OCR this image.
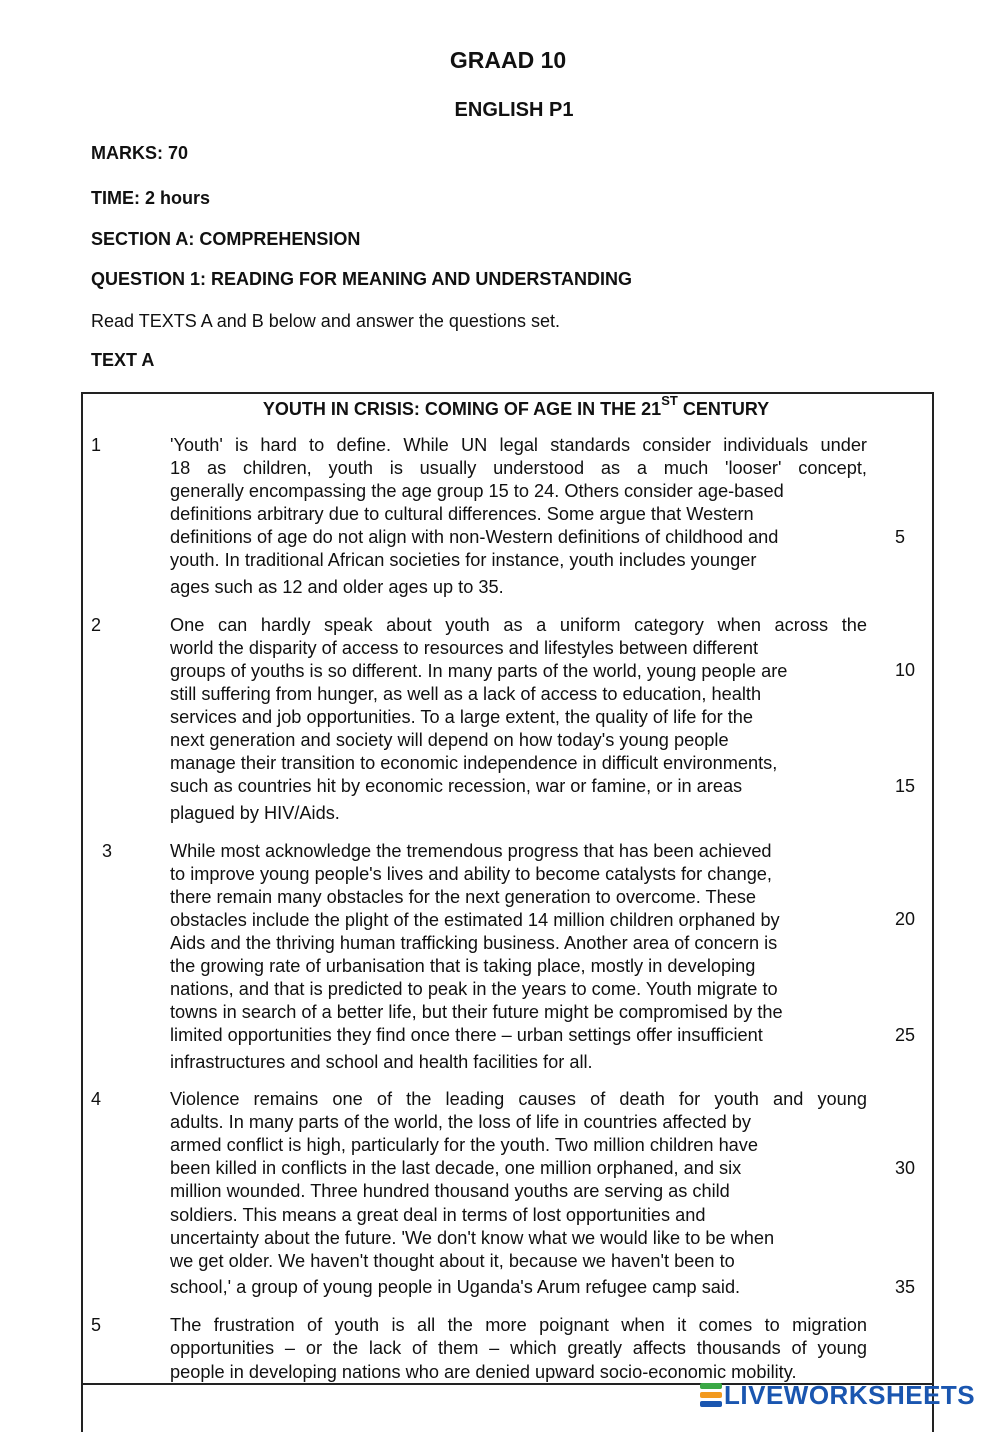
GRAAD 10
ENGLISH P1
MARKS: 70
TIME: 2 hours
SECTION A: COMPREHENSION
QUESTION 1: READING FOR MEANING AND UNDERSTANDING
Read TEXTS A and B below and answer the questions set.
TEXT A
YOUTH IN CRISIS: COMING OF AGE IN THE 21ST CENTURY
1
2
3
4
5
'Youth' is hard to define. While UN legal standards consider individuals under
18 as children, youth is usually understood as a much 'looser' concept,
generally encompassing the age group 15 to 24. Others consider age-based
definitions arbitrary due to cultural differences. Some argue that Western
definitions of age do not align with non-Western definitions of childhood and
youth. In traditional African societies for instance, youth includes younger
ages such as 12 and older ages up to 35.
One can hardly speak about youth as a uniform category when across the
world the disparity of access to resources and lifestyles between different
groups of youths is so different. In many parts of the world, young people are
still suffering from hunger, as well as a lack of access to education, health
services and job opportunities. To a large extent, the quality of life for the
next generation and society will depend on how today's young people
manage their transition to economic independence in difficult environments,
such as countries hit by economic recession, war or famine, or in areas
plagued by HIV/Aids.
While most acknowledge the tremendous progress that has been achieved
to improve young people's lives and ability to become catalysts for change,
there remain many obstacles for the next generation to overcome. These
obstacles include the plight of the estimated 14 million children orphaned by
Aids and the thriving human trafficking business. Another area of concern is
the growing rate of urbanisation that is taking place, mostly in developing
nations, and that is predicted to peak in the years to come. Youth migrate to
towns in search of a better life, but their future might be compromised by the
limited opportunities they find once there – urban settings offer insufficient
infrastructures and school and health facilities for all.
Violence remains one of the leading causes of death for youth and young
adults. In many parts of the world, the loss of life in countries affected by
armed conflict is high, particularly for the youth. Two million children have
been killed in conflicts in the last decade, one million orphaned, and six
million wounded. Three hundred thousand youths are serving as child
soldiers. This means a great deal in terms of lost opportunities and
uncertainty about the future. 'We don't know what we would like to be when
we get older. We haven't thought about it, because we haven't been to
school,' a group of young people in Uganda's Arum refugee camp said.
The frustration of youth is all the more poignant when it comes to migration
opportunities – or the lack of them – which greatly affects thousands of young
people in developing nations who are denied upward socio-economic mobility.
5
10
15
20
25
30
35
LIVEWORKSHEETS
